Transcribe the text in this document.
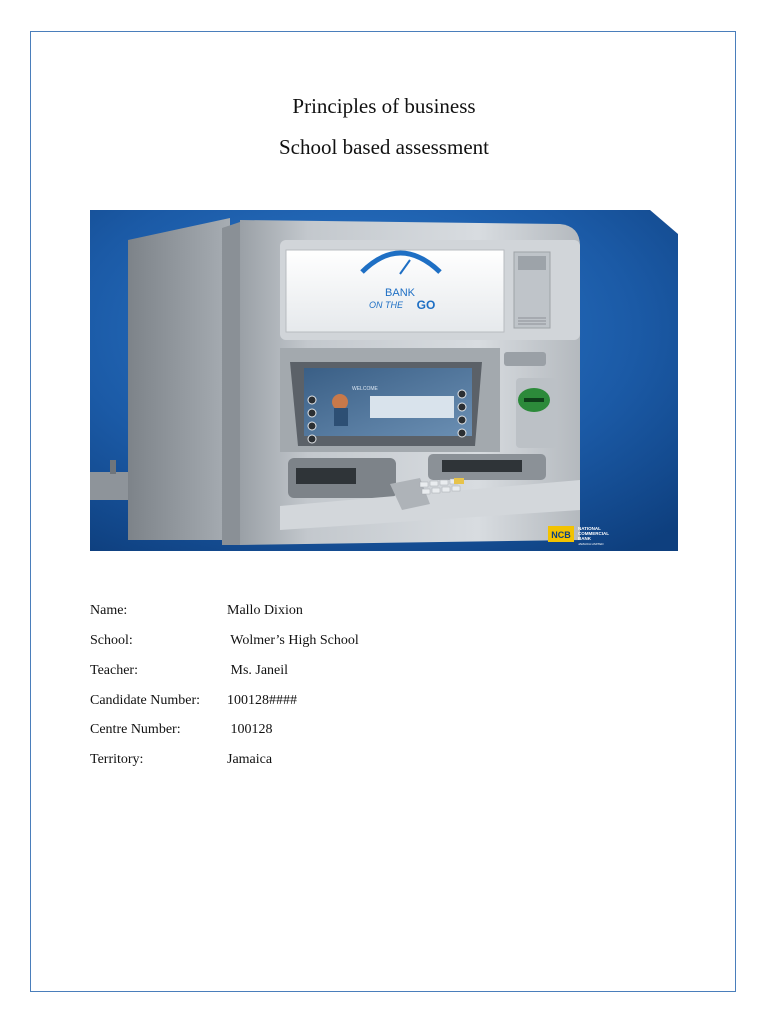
Principles of business
School based assessment
BANK
ON THE GO
WELCOME
NCB
NATIONAL
COMMERCIAL
BANK
JAMAICA LIMITED

Name:

	Mallo Dixion

School:

	Wolmer’s High School

Teacher:

	Ms. Janeil

Candidate Number:

100128####

Centre Number:

	100128

Territory:

	Jamaica
